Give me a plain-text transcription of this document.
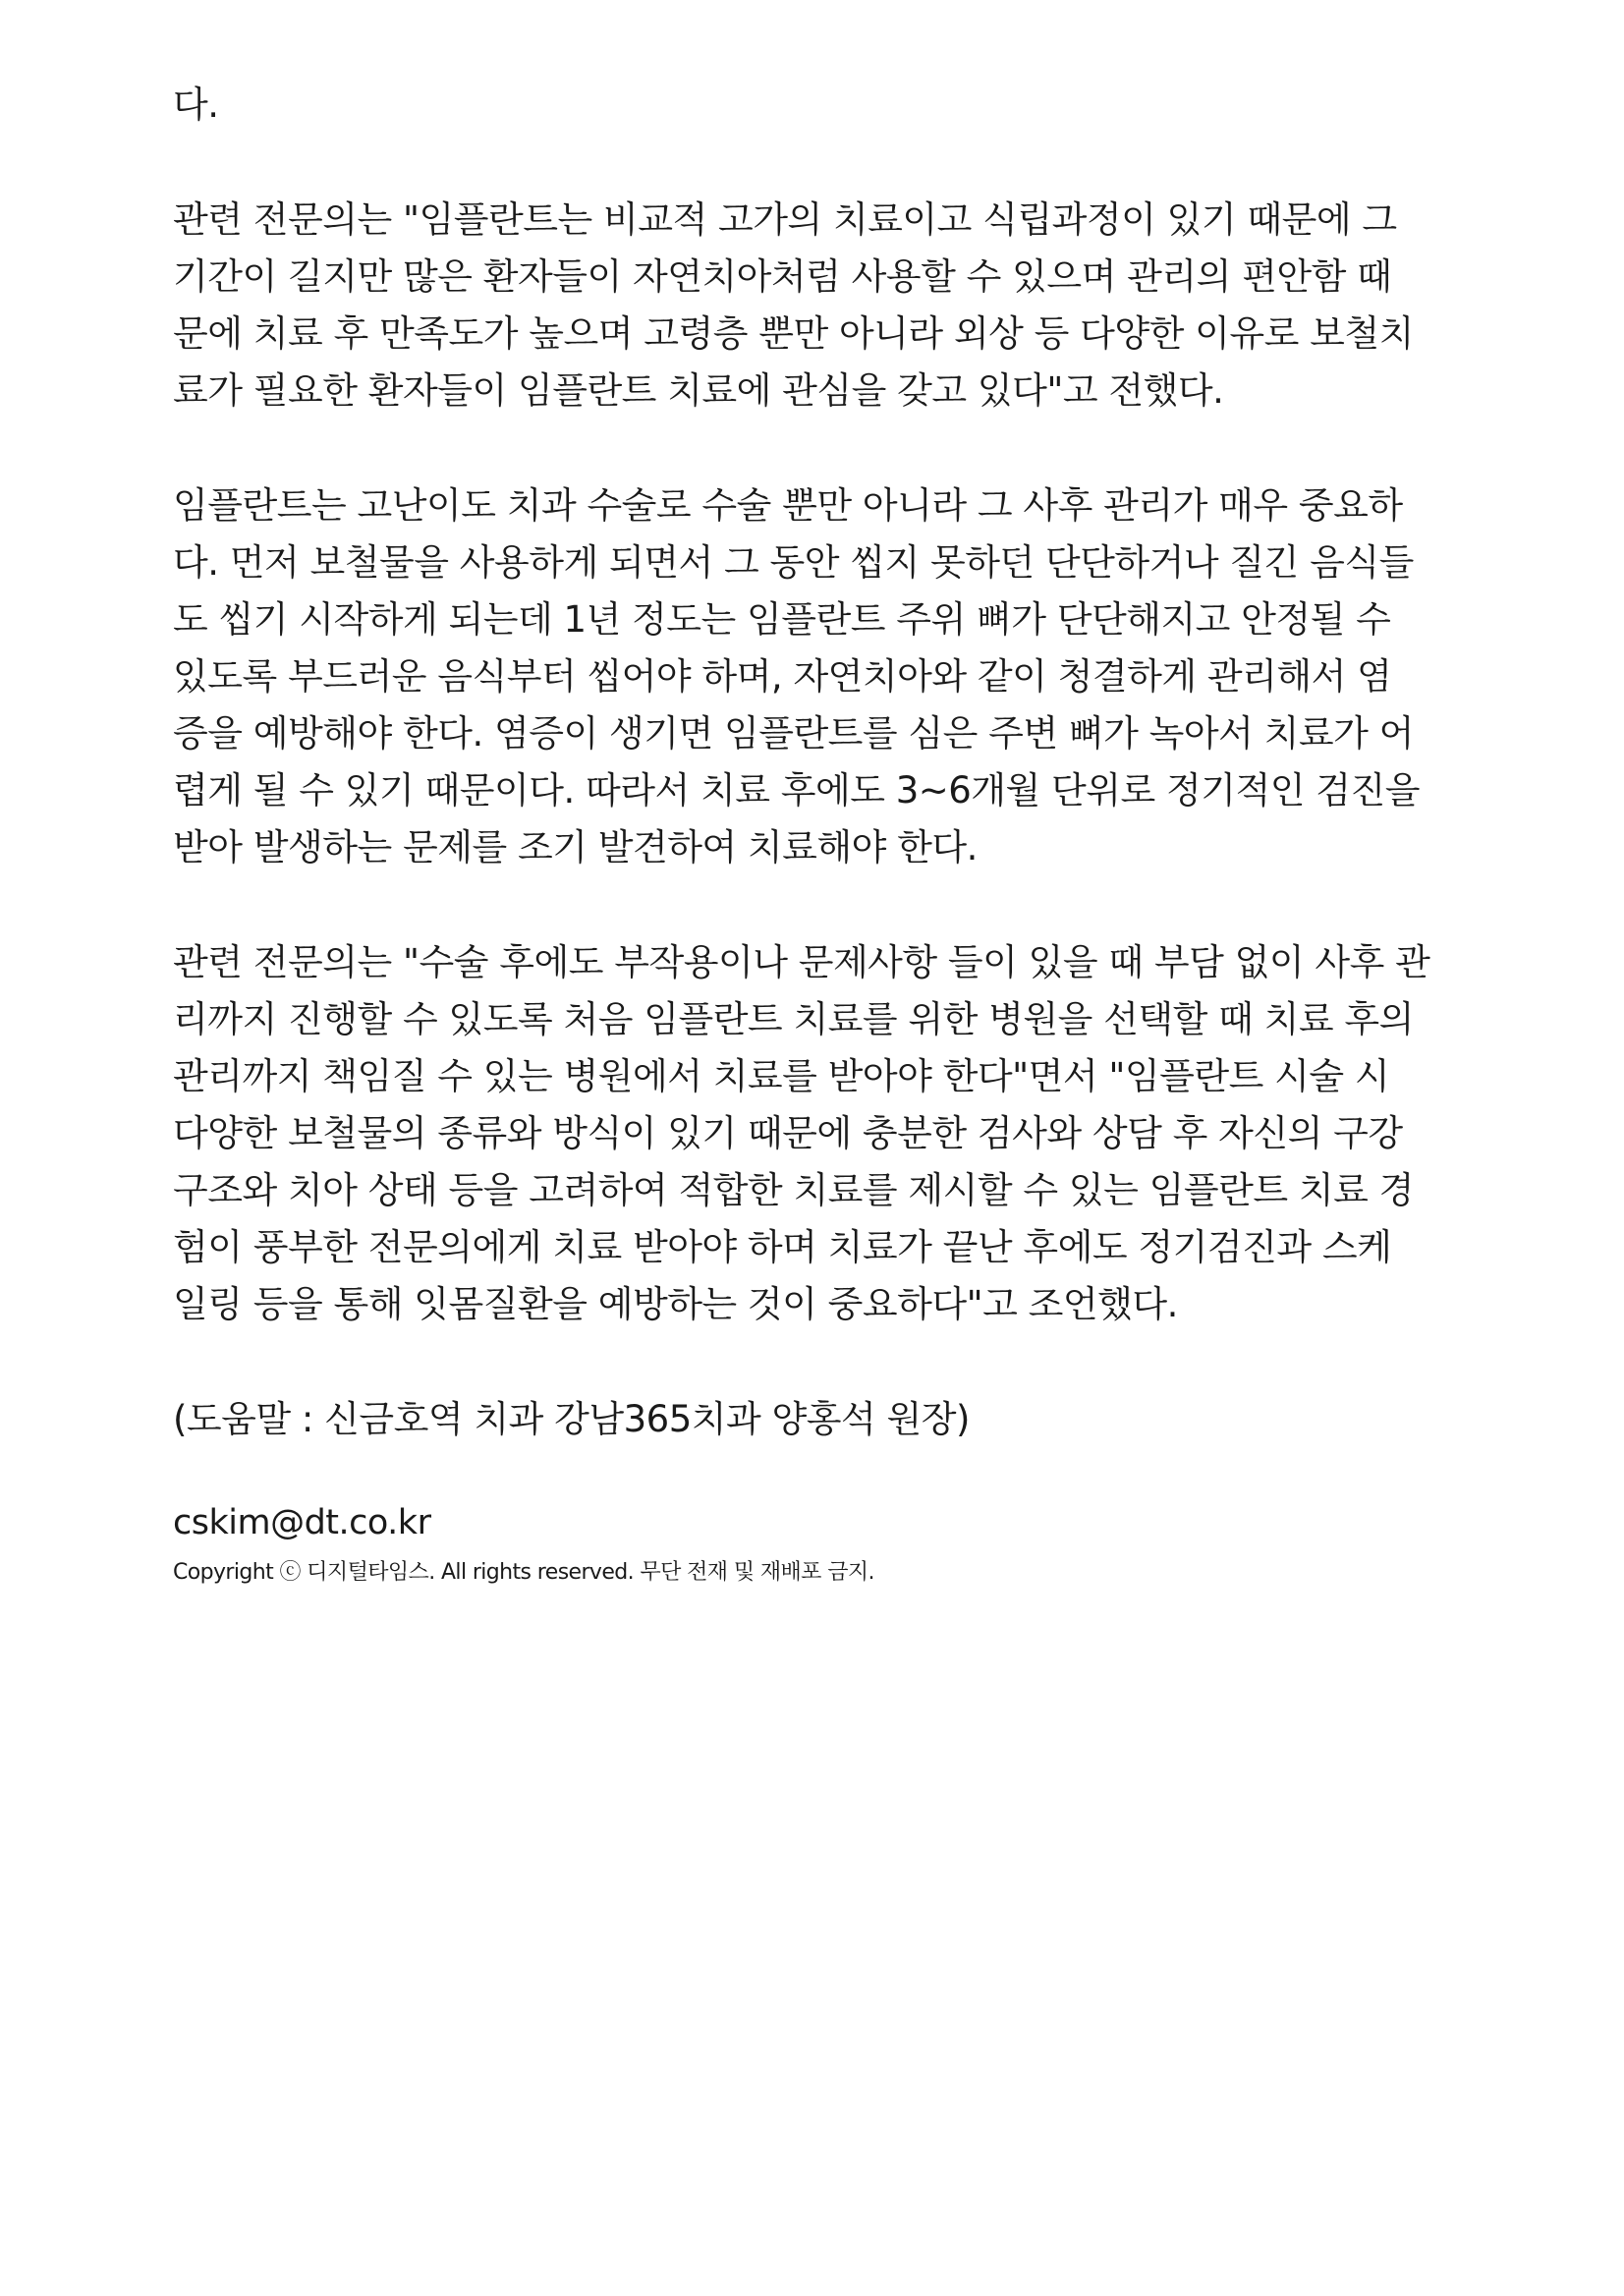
다.
관련 전문의는 "임플란트는 비교적 고가의 치료이고 식립과정이 있기 때문에 그
기간이 길지만 많은 환자들이 자연치아처럼 사용할 수 있으며 관리의 편안함 때
문에 치료 후 만족도가 높으며 고령층 뿐만 아니라 외상 등 다양한 이유로 보철치
료가 필요한 환자들이 임플란트 치료에 관심을 갖고 있다"고 전했다.
임플란트는 고난이도 치과 수술로 수술 뿐만 아니라 그 사후 관리가 매우 중요하
다. 먼저 보철물을 사용하게 되면서 그 동안 씹지 못하던 단단하거나 질긴 음식들
도 씹기 시작하게 되는데 1년 정도는 임플란트 주위 뼈가 단단해지고 안정될 수
있도록 부드러운 음식부터 씹어야 하며, 자연치아와 같이 청결하게 관리해서 염
증을 예방해야 한다. 염증이 생기면 임플란트를 심은 주변 뼈가 녹아서 치료가 어
렵게 될 수 있기 때문이다. 따라서 치료 후에도 3~6개월 단위로 정기적인 검진을
받아 발생하는 문제를 조기 발견하여 치료해야 한다.
관련 전문의는 "수술 후에도 부작용이나 문제사항 들이 있을 때 부담 없이 사후 관
리까지 진행할 수 있도록 처음 임플란트 치료를 위한 병원을 선택할 때 치료 후의
관리까지 책임질 수 있는 병원에서 치료를 받아야 한다"면서 "임플란트 시술 시
다양한 보철물의 종류와 방식이 있기 때문에 충분한 검사와 상담 후 자신의 구강
구조와 치아 상태 등을 고려하여 적합한 치료를 제시할 수 있는 임플란트 치료 경
험이 풍부한 전문의에게 치료 받아야 하며 치료가 끝난 후에도 정기검진과 스케
일링 등을 통해 잇몸질환을 예방하는 것이 중요하다"고 조언했다.
(도움말 : 신금호역 치과 강남365치과 양홍석 원장)
cskim@dt.co.kr
Copyright ⓒ 디지털타임스. All rights reserved. 무단 전재 및 재배포 금지.
